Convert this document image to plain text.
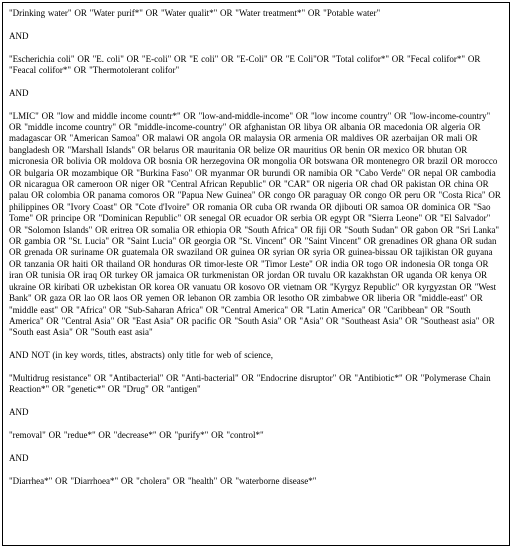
"Drinking water" OR "Water purif*" OR "Water qualit*" OR "Water treatment*" OR "Potable water"

AND

"Escherichia coli" OR "E. coli" OR "E-coli" OR "E coli" OR "E-Coli" OR "E Coli"OR "Total colifor*" OR "Fecal colifor*" OR "Feacal colifor*" OR "Thermotolerant colifor"

AND

"LMIC" OR "low and middle income countr*" OR "low-and-middle-income" OR "low income country" OR "low-income-country" OR "middle income country" OR "middle-income-country" OR afghanistan OR libya OR albania OR macedonia OR algeria OR madagascar OR "American Samoa" OR malawi OR angola OR malaysia OR armenia OR maldives OR azerbaijan OR mali OR bangladesh OR "Marshall Islands" OR belarus OR mauritania OR belize OR mauritius OR benin OR mexico OR bhutan OR micronesia OR bolivia OR moldova OR bosnia OR herzegovina OR mongolia OR botswana OR montenegro OR brazil OR morocco OR bulgaria OR mozambique OR "Burkina Faso" OR myanmar OR burundi OR namibia OR "Cabo Verde" OR nepal OR cambodia OR nicaragua OR cameroon OR niger OR "Central African Republic" OR "CAR" OR nigeria OR chad OR pakistan OR china OR palau OR colombia OR panama comoros OR "Papua New Guinea" OR congo OR paraguay OR congo OR peru OR "Costa Rica" OR philippines OR "Ivory Coast" OR "Cote d'Ivoire" OR romania OR cuba OR rwanda OR djibouti OR samoa OR dominica OR "Sao Tome" OR principe OR "Dominican Republic" OR senegal OR ecuador OR serbia OR egypt OR "Sierra Leone" OR "El Salvador" OR "Solomon Islands" OR eritrea OR somalia OR ethiopia OR "South Africa" OR fiji OR "South Sudan" OR gabon OR "Sri Lanka" OR gambia OR "St. Lucia" OR "Saint Lucia" OR georgia OR "St. Vincent" OR "Saint Vincent" OR grenadines OR ghana OR sudan OR grenada OR suriname OR guatemala OR swaziland OR guinea OR syrian OR syria OR guinea-bissau OR tajikistan OR guyana OR tanzania OR haiti OR thailand OR honduras OR timor-leste OR "Timor Leste" OR india OR togo OR indonesia OR tonga OR iran OR tunisia OR iraq OR turkey OR jamaica OR turkmenistan OR jordan OR tuvalu OR kazakhstan OR uganda OR kenya OR ukraine OR kiribati OR uzbekistan OR korea OR vanuatu OR kosovo OR vietnam OR "Kyrgyz Republic" OR kyrgyzstan OR "West Bank" OR gaza OR lao OR laos OR yemen OR lebanon OR zambia OR lesotho OR zimbabwe OR liberia OR "middle-east" OR "middle east" OR "Africa" OR "Sub-Saharan Africa" OR "Central America" OR "Latin America" OR "Caribbean" OR "South America" OR "Central Asia" OR "East Asia" OR pacific OR "South Asia" OR "Asia" OR "Southeast Asia" OR "Southeast asia" OR "South east Asia" OR "South east asia"

AND NOT (in key words, titles, abstracts) only title for web of science,

"Multidrug resistance" OR "Antibacterial" OR "Anti-bacterial" OR "Endocrine disruptor" OR "Antibiotic*" OR "Polymerase Chain Reaction*" OR "genetic*" OR "Drug" OR "antigen"

AND

"removal" OR "redue*" OR "decrease*" OR "purify*" OR "control*"

AND

"Diarrhea*" OR "Diarrhoea*" OR "cholera" OR "health" OR "waterborne disease*"
